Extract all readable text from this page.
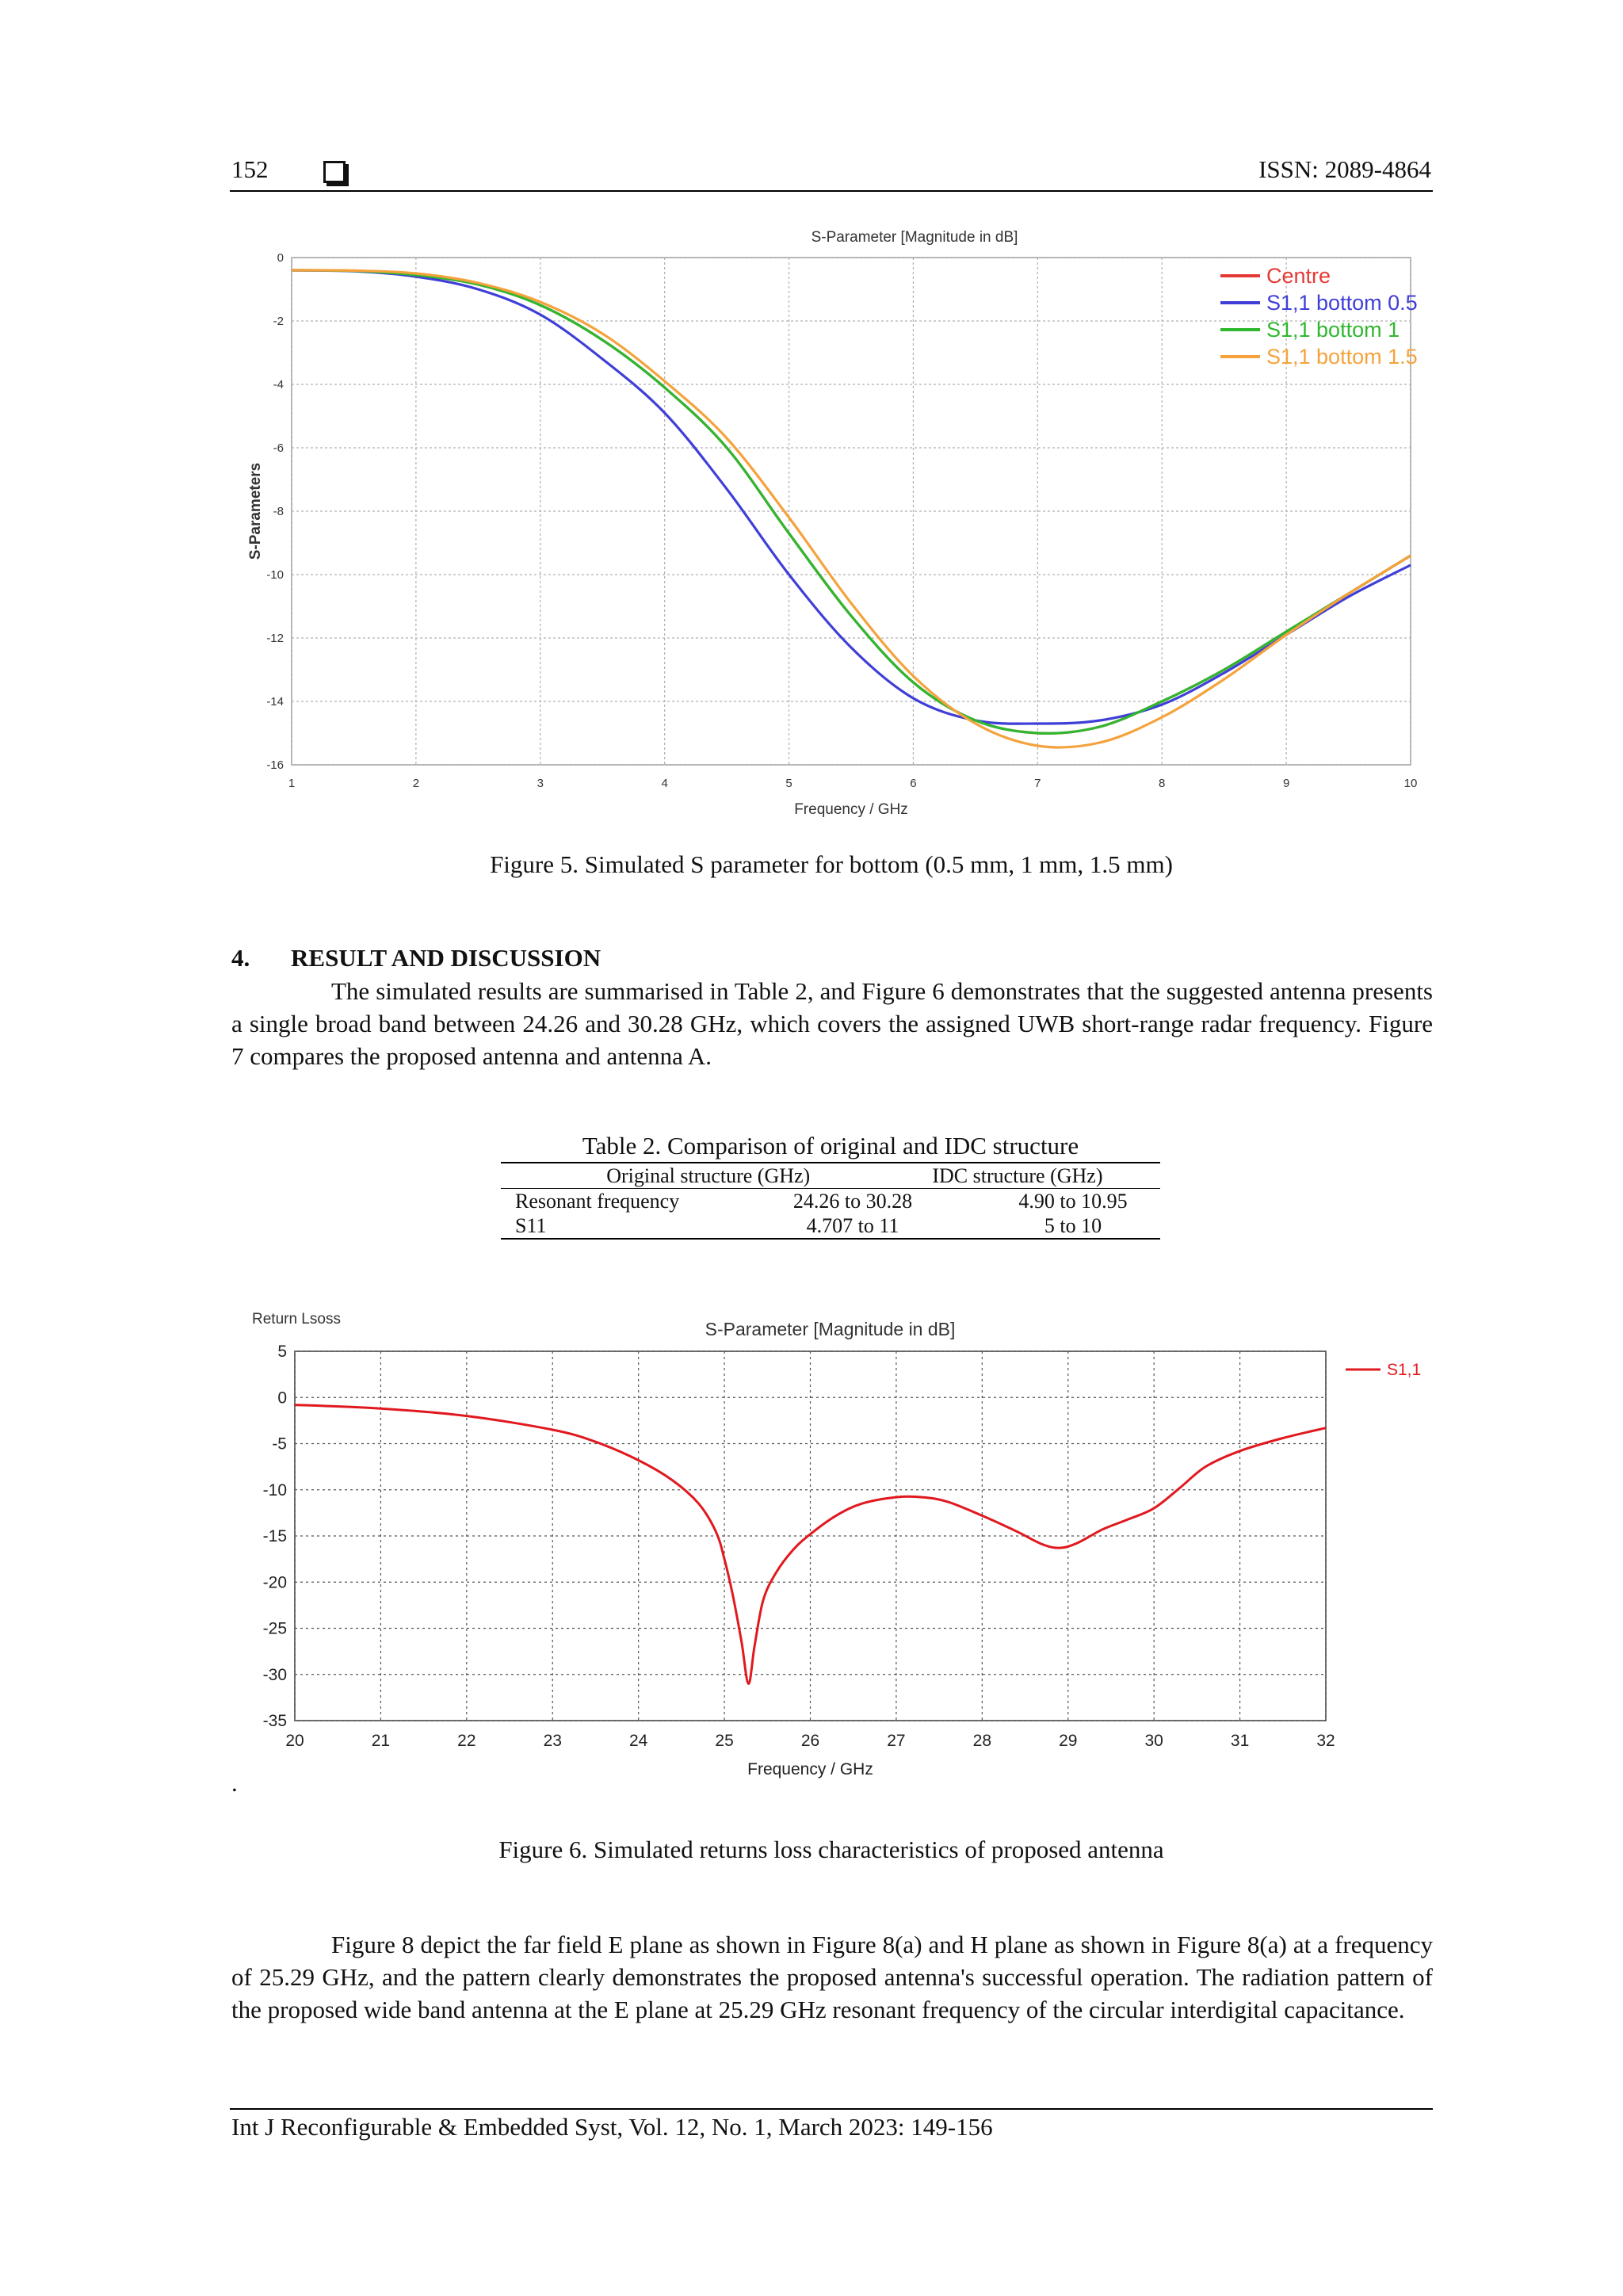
152	ISSN: 2089-4864
1	2	3	4	5	6	7	8	9	10
0
-2
-4
-6
-8
-10
-12
-14
-16
S-Parameter [Magnitude in dB]
Frequency / GHz
S-Parameters
Centre
S1,1 bottom 0.5
S1,1 bottom 1
S1,1 bottom 1.5
Figure 5. Simulated S parameter for bottom (0.5 mm, 1 mm, 1.5 mm)
4. RESULT AND DISCUSSION
The simulated results are summarised in Table 2, and Figure 6 demonstrates that the suggested antenna presents a single broad band between 24.26 and 30.28 GHz, which covers the assigned UWB short-range radar frequency. Figure 7 compares the proposed antenna and antenna A.
Table 2. Comparison of original and IDC structure
	Original structure (GHz)	IDC structure (GHz)
Resonant frequency	24.26 to 30.28	4.90 to 10.95
S11	4.707 to 11	5 to 10
Return Lsoss	S-Parameter [Magnitude in dB]
20	21	22	23	24	25	26	27	28	29	30	31	32
5
0
-5
-10
-15
-20
-25
-30
-35
Frequency / GHz
S1,1
.
Figure 6. Simulated returns loss characteristics of proposed antenna
Figure 8 depict the far field E plane as shown in Figure 8(a) and H plane as shown in Figure 8(a) at a frequency of 25.29 GHz, and the pattern clearly demonstrates the proposed antenna's successful operation. The radiation pattern of the proposed wide band antenna at the E plane at 25.29 GHz resonant frequency of the circular interdigital capacitance.
Int J Reconfigurable & Embedded Syst, Vol. 12, No. 1, March 2023: 149-156
